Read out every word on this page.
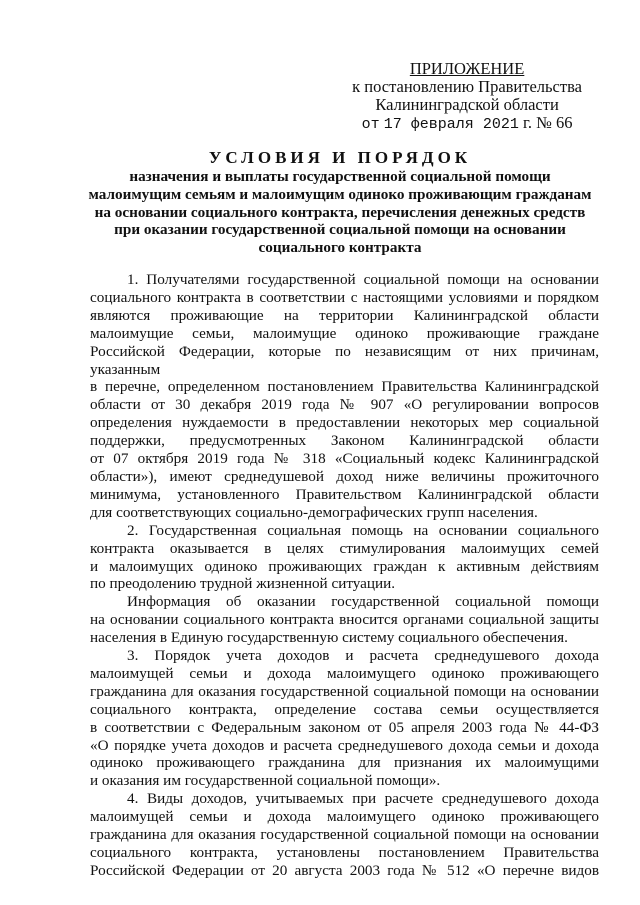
ПРИЛОЖЕНИЕ
к постановлению Правительства
Калининградской области
от 17 февраля 2021 г. № 66
УСЛОВИЯ И ПОРЯДОК
назначения и выплаты государственной социальной помощи
малоимущим семьям и малоимущим одиноко проживающим гражданам
на основании социального контракта, перечисления денежных средств
при оказании государственной социальной помощи на основании
социального контракта

1. Получателями государственной социальной помощи на основании

социального контракта в соответствии с настоящими условиями и порядком

являются проживающие на территории Калининградской области

малоимущие семьи, малоимущие одиноко проживающие граждане

Российской Федерации, которые по независящим от них причинам, указанным

в перечне, определенном постановлением Правительства Калининградской

области от 30 декабря 2019 года № 907 «О регулировании вопросов

определения нуждаемости в предоставлении некоторых мер социальной

поддержки, предусмотренных Законом Калининградской области

от 07 октября 2019 года № 318 «Социальный кодекс Калининградской

области»), имеют среднедушевой доход ниже величины прожиточного

минимума, установленного Правительством Калининградской области

для соответствующих социально-демографических групп населения.

2. Государственная социальная помощь на основании социального

контракта оказывается в целях стимулирования малоимущих семей

и малоимущих одиноко проживающих граждан к активным действиям

по преодолению трудной жизненной ситуации.

Информация об оказании государственной социальной помощи

на основании социального контракта вносится органами социальной защиты

населения в Единую государственную систему социального обеспечения.

3. Порядок учета доходов и расчета среднедушевого дохода

малоимущей семьи и дохода малоимущего одиноко проживающего

гражданина для оказания государственной социальной помощи на основании

социального контракта, определение состава семьи осуществляется

в соответствии с Федеральным законом от 05 апреля 2003 года № 44-ФЗ

«О порядке учета доходов и расчета среднедушевого дохода семьи и дохода

одиноко проживающего гражданина для признания их малоимущими

и оказания им государственной социальной помощи».

4. Виды доходов, учитываемых при расчете среднедушевого дохода

малоимущей семьи и дохода малоимущего одиноко проживающего

гражданина для оказания государственной социальной помощи на основании

социального контракта, установлены постановлением Правительства

Российской Федерации от 20 августа 2003 года № 512 «О перечне видов
